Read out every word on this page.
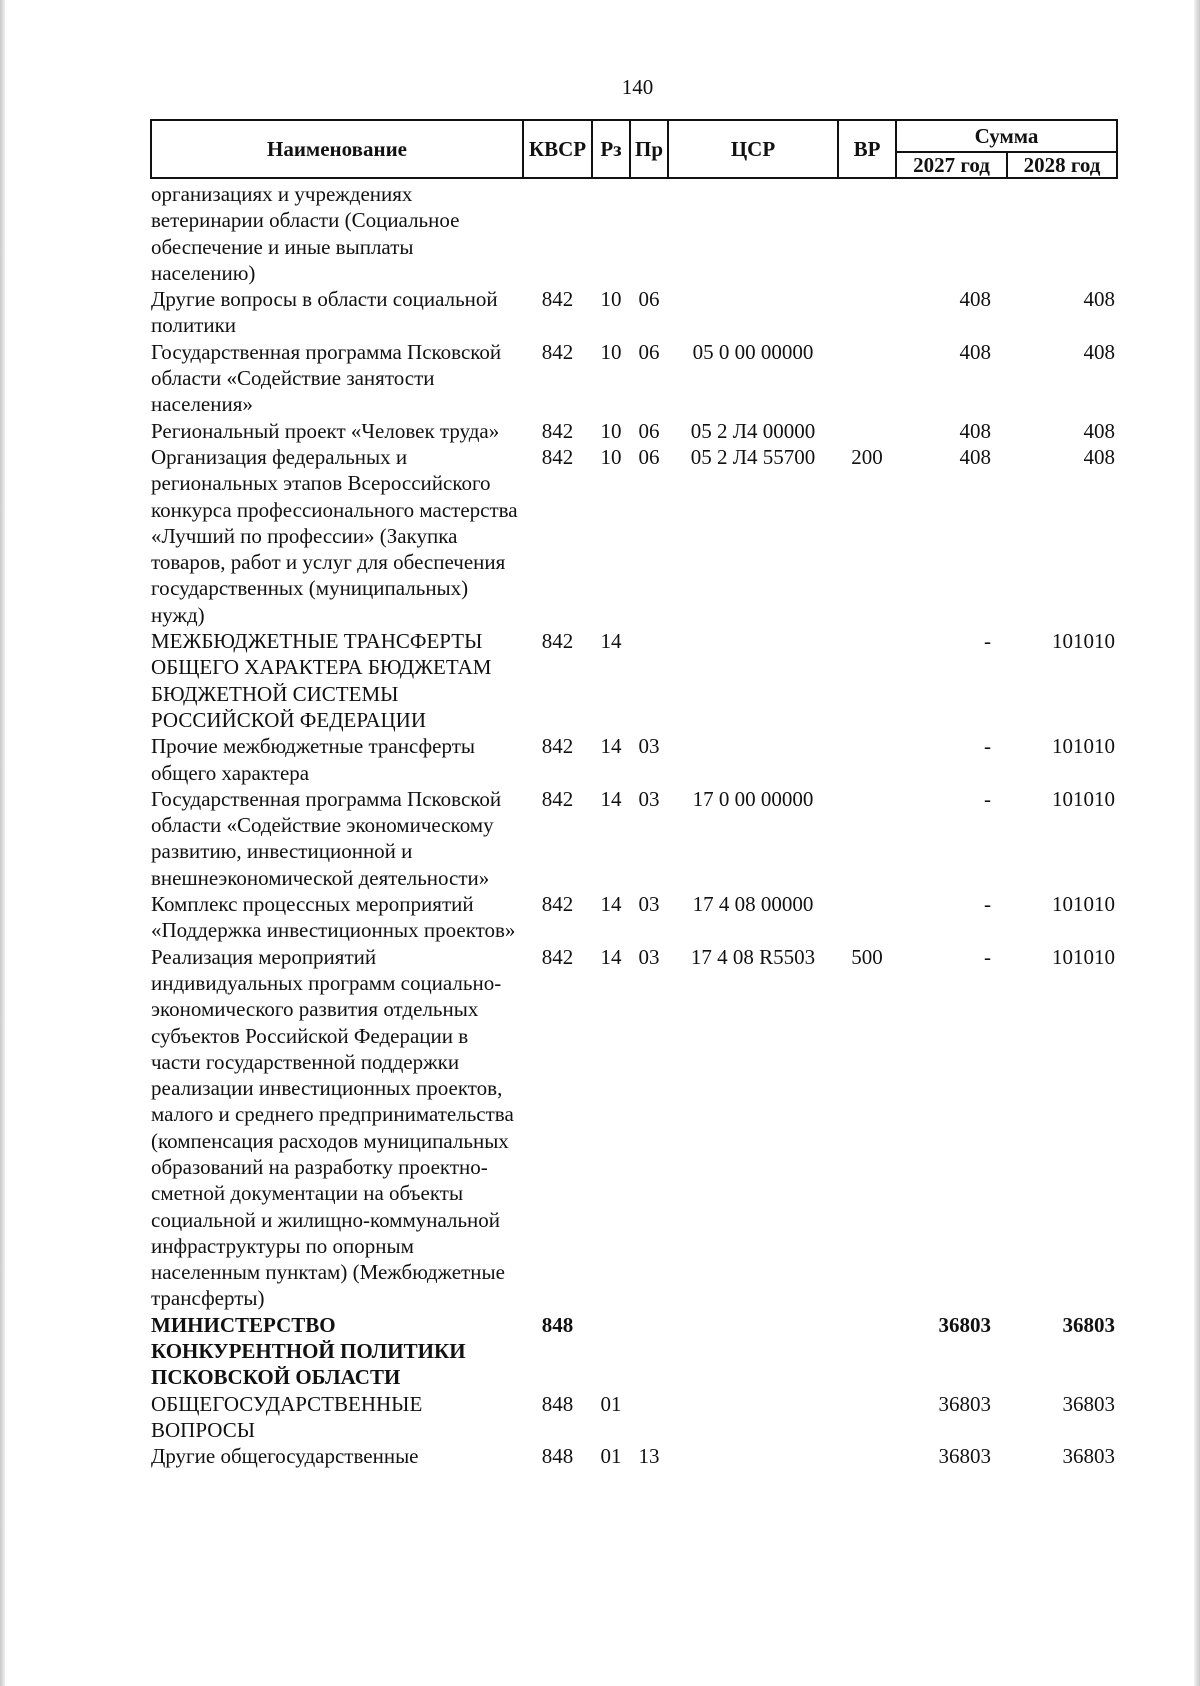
140
Наименование	КВСР	Рз	Пр	ЦСР	ВР	Сумма	
						2027 год	2028 год
организациях и учреждениях ветеринарии области (Социальное обеспечение и иные выплаты населению)							
Другие вопросы в области социальной политики	842	10	06			408	408
Государственная программа Псковской области «Содействие занятости населения»	842	10	06	05 0 00 00000		408	408
Региональный проект «Человек труда»	842	10	06	05 2 Л4 00000		408	408
Организация федеральных и региональных этапов Всероссийского конкурса профессионального мастерства «Лучший по профессии» (Закупка товаров, работ и услуг для обеспечения государственных (муниципальных) нужд)	842	10	06	05 2 Л4 55700	200	408	408
МЕЖБЮДЖЕТНЫЕ ТРАНСФЕРТЫ ОБЩЕГО ХАРАКТЕРА БЮДЖЕТАМ БЮДЖЕТНОЙ СИСТЕМЫ РОССИЙСКОЙ ФЕДЕРАЦИИ	842	14				-	101010
Прочие межбюджетные трансферты общего характера	842	14	03			-	101010
Государственная программа Псковской области «Содействие экономическому развитию, инвестиционной и внешнеэкономической деятельности»	842	14	03	17 0 00 00000		-	101010
Комплекс процессных мероприятий «Поддержка инвестиционных проектов»	842	14	03	17 4 08 00000		-	101010
Реализация мероприятий индивидуальных программ социально-экономического развития отдельных субъектов Российской Федерации в части государственной поддержки реализации инвестиционных проектов, малого и среднего предпринимательства (компенсация расходов муниципальных образований на разработку проектно-сметной документации на объекты социальной и жилищно-коммунальной инфраструктуры по опорным населенным пунктам) (Межбюджетные трансферты)	842	14	03	17 4 08 R5503	500	-	101010
МИНИСТЕРСТВО КОНКУРЕНТНОЙ ПОЛИТИКИ ПСКОВСКОЙ ОБЛАСТИ	848					36803	36803
ОБЩЕГОСУДАРСТВЕННЫЕ ВОПРОСЫ	848	01				36803	36803
Другие общегосударственные	848	01	13			36803	36803
